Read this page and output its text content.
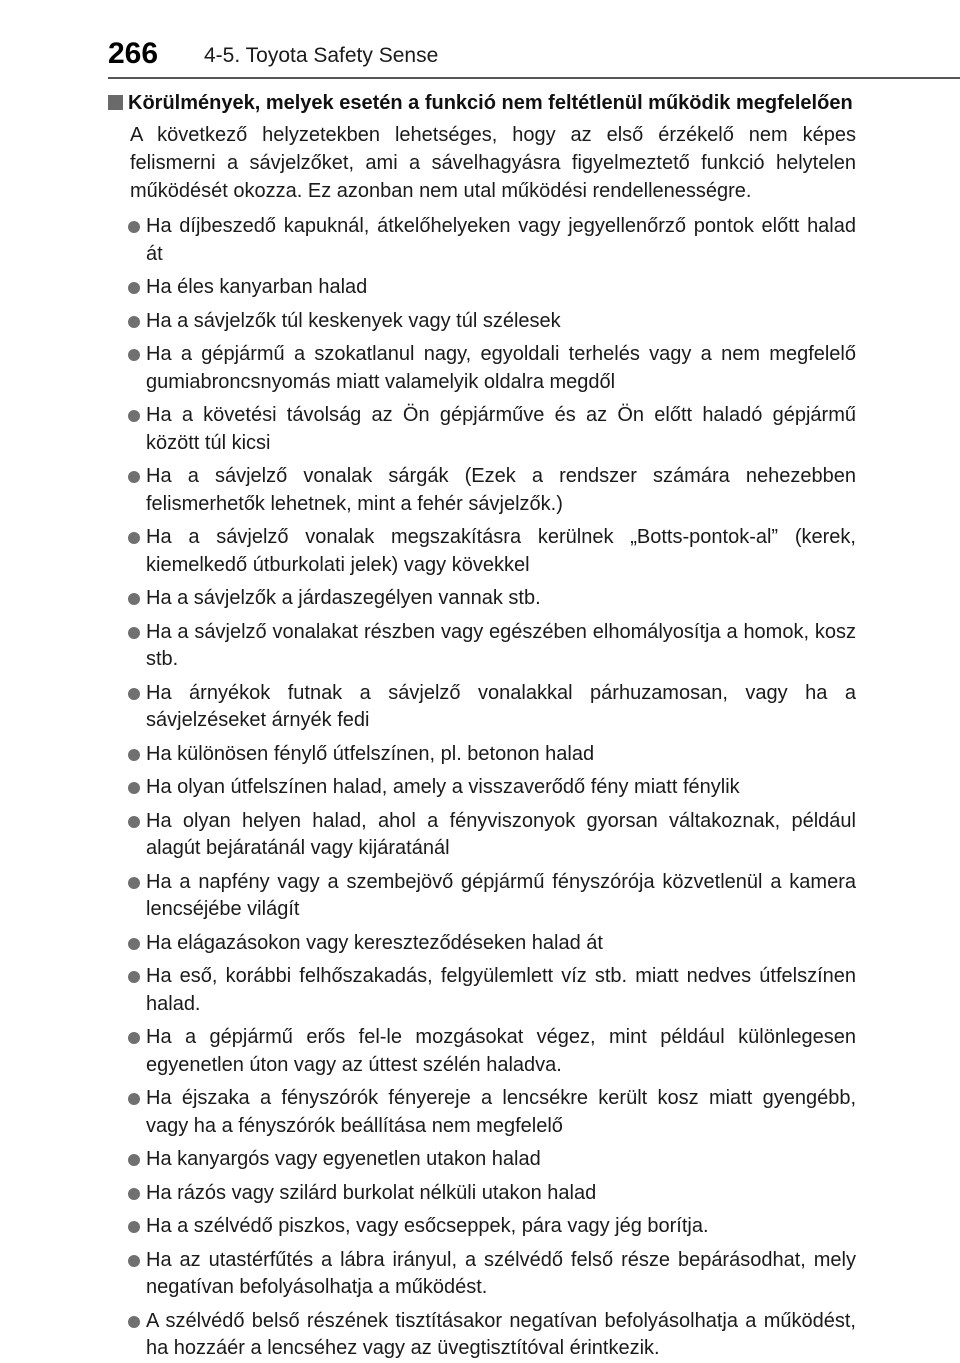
266 4-5. Toyota Safety Sense
Körülmények, melyek esetén a funkció nem feltétlenül működik megfelelően

A következő helyzetekben lehetséges, hogy az első érzékelő nem képes felismerni a sávjelzőket, ami a sávelhagyásra figyelmeztető funkció helytelen működését okozza. Ez azonban nem utal működési rendellenességre.

Ha díjbeszedő kapuknál, átkelőhelyeken vagy jegyellenőrző pontok előtt halad át
Ha éles kanyarban halad
Ha a sávjelzők túl keskenyek vagy túl szélesek
Ha a gépjármű a szokatlanul nagy, egyoldali terhelés vagy a nem megfelelő gumiabroncsnyomás miatt valamelyik oldalra megdől
Ha a követési távolság az Ön gépjárműve és az Ön előtt haladó gépjármű között túl kicsi
Ha a sávjelző vonalak sárgák (Ezek a rendszer számára nehezebben felismerhetők lehetnek, mint a fehér sávjelzők.)
Ha a sávjelző vonalak megszakításra kerülnek „Botts-pontok-al” (kerek, kiemelkedő útburkolati jelek) vagy kövekkel
Ha a sávjelzők a járdaszegélyen vannak stb.
Ha a sávjelző vonalakat részben vagy egészében elhomályosítja a homok, kosz stb.
Ha árnyékok futnak a sávjelző vonalakkal párhuzamosan, vagy ha a sávjelzéseket árnyék fedi
Ha különösen fénylő útfelszínen, pl. betonon halad
Ha olyan útfelszínen halad, amely a visszaverődő fény miatt fénylik
Ha olyan helyen halad, ahol a fényviszonyok gyorsan váltakoznak, például alagút bejáratánál vagy kijáratánál
Ha a napfény vagy a szembejövő gépjármű fényszórója közvetlenül a kamera lencséjébe világít
Ha elágazásokon vagy kereszteződéseken halad át
Ha eső, korábbi felhőszakadás, felgyülemlett víz stb. miatt nedves útfelszínen halad.
Ha a gépjármű erős fel-le mozgásokat végez, mint például különlegesen egyenetlen úton vagy az úttest szélén haladva.
Ha éjszaka a fényszórók fényereje a lencsékre került kosz miatt gyengébb, vagy ha a fényszórók beállítása nem megfelelő
Ha kanyargós vagy egyenetlen utakon halad
Ha rázós vagy szilárd burkolat nélküli utakon halad
Ha a szélvédő piszkos, vagy esőcseppek, pára vagy jég borítja.
Ha az utastérfűtés a lábra irányul, a szélvédő felső része bepárásodhat, mely negatívan befolyásolhatja a működést.
A szélvédő belső részének tisztításakor negatívan befolyásolhatja a működést, ha hozzáér a lencséhez vagy az üvegtisztítóval érintkezik.
